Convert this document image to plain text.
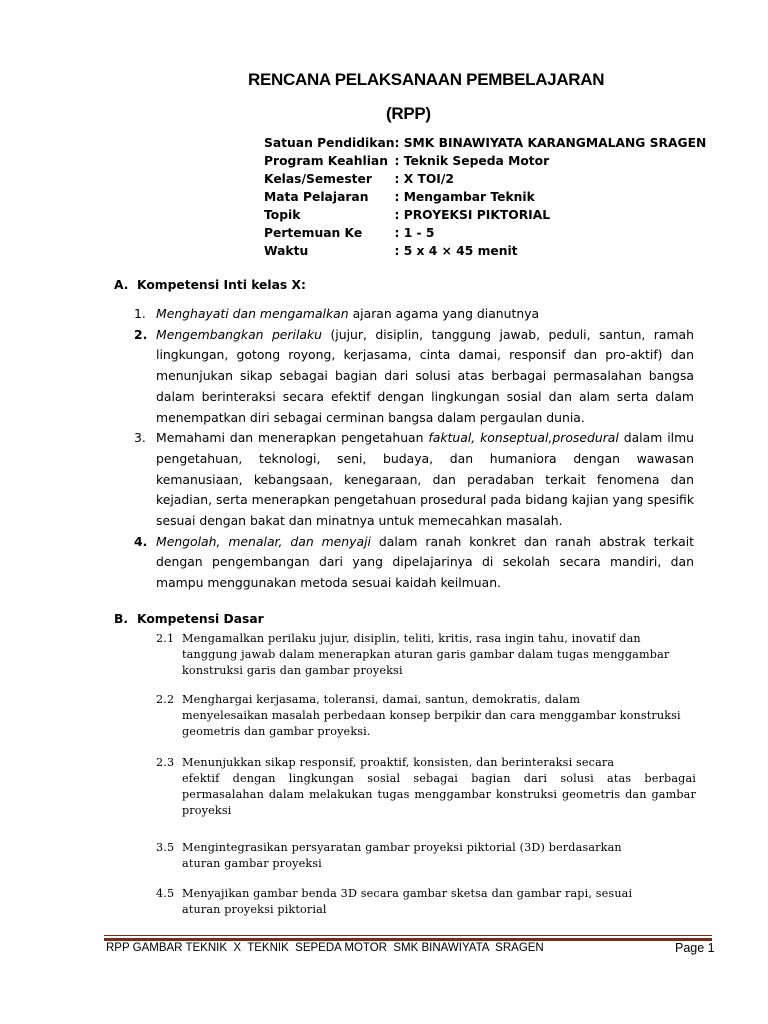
RENCANA PELAKSANAAN PEMBELAJARAN
(RPP)
Satuan Pendidikan	: SMK BINAWIYATA KARANGMALANG SRAGEN
Program Keahlian	: Teknik Sepeda Motor
Kelas/Semester	: X TOI/2
Mata Pelajaran	: Mengambar Teknik
Topik	: PROYEKSI PIKTORIAL
Pertemuan Ke	: 1 - 5
Waktu	: 5 x 4 × 45 menit
A. Kompetensi Inti kelas X:
1. Menghayati dan mengamalkan ajaran agama yang dianutnya
2. Mengembangkan perilaku (jujur, disiplin, tanggung jawab, peduli, santun, ramah lingkungan, gotong royong, kerjasama, cinta damai, responsif dan pro-aktif) dan menunjukan sikap sebagai bagian dari solusi atas berbagai permasalahan bangsa dalam berinteraksi secara efektif dengan lingkungan sosial dan alam serta dalam menempatkan diri sebagai cerminan bangsa dalam pergaulan dunia.
3. Memahami dan menerapkan pengetahuan faktual, konseptual,prosedural dalam ilmu pengetahuan, teknologi, seni, budaya, dan humaniora dengan wawasan kemanusiaan, kebangsaan, kenegaraan, dan peradaban terkait fenomena dan kejadian, serta menerapkan pengetahuan prosedural pada bidang kajian yang spesifik sesuai dengan bakat dan minatnya untuk memecahkan masalah.
4. Mengolah, menalar, dan menyaji dalam ranah konkret dan ranah abstrak terkait dengan pengembangan dari yang dipelajarinya di sekolah secara mandiri, dan mampu menggunakan metoda sesuai kaidah keilmuan.
B. Kompetensi Dasar
2.1 Mengamalkan perilaku jujur, disiplin, teliti, kritis, rasa ingin tahu, inovatif dan
tanggung jawab dalam menerapkan aturan garis gambar dalam tugas menggambar konstruksi garis dan gambar proyeksi
2.2 Menghargai kerjasama, toleransi, damai, santun, demokratis, dalam
menyelesaikan masalah perbedaan konsep berpikir dan cara menggambar konstruksi geometris dan gambar proyeksi.
2.3 Menunjukkan sikap responsif, proaktif, konsisten, dan berinteraksi secara
efektif dengan lingkungan sosial sebagai bagian dari solusi atas berbagai permasalahan dalam melakukan tugas menggambar konstruksi geometris dan gambar proyeksi
3.5 Mengintegrasikan persyaratan gambar proyeksi piktorial (3D) berdasarkan
aturan gambar proyeksi
4.5 Menyajikan gambar benda 3D secara gambar sketsa dan gambar rapi, sesuai
aturan proyeksi piktorial
RPP GAMBAR TEKNIK  X  TEKNIK  SEPEDA MOTOR  SMK BINAWIYATA  SRAGEN	Page 1
